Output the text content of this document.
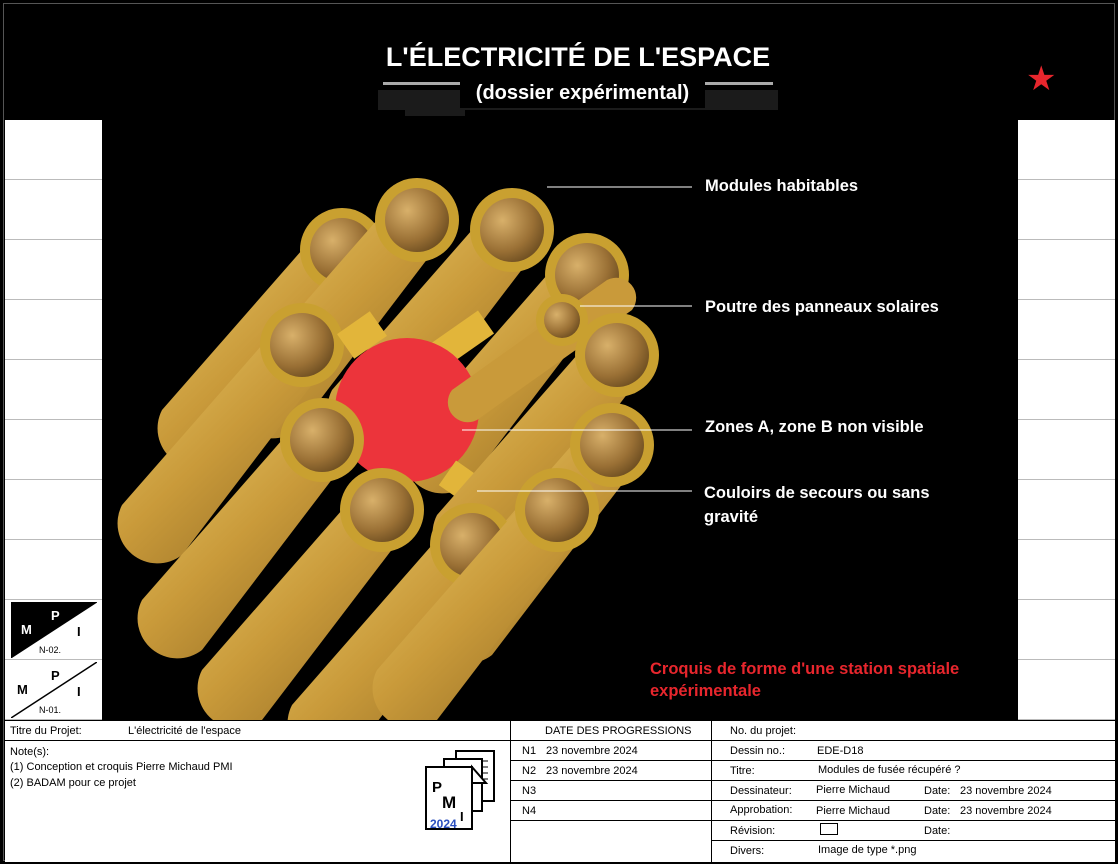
L'ÉLECTRICITÉ DE L'ESPACE
(dossier expérimental)	★
Modules habitables
Poutre des panneaux solaires
Zones A, zone B non visible
Couloirs de secours ou sans gravité
Croquis de forme d'une station spatiale expérimentale
M
P
I
N-02.
M
P
I
N-01.
Titre du Projet:	L'électricité de l'espace
Note(s):
(1) Conception et croquis Pierre Michaud PMI
(2) BADAM pour ce projet	P
M
I
2024
DATE DES PROGRESSIONS
N1 23 novembre 2024
N2 23 novembre 2024
N3
N4
No. du projet:
Dessin no.:	EDE-D18
Titre:	Modules de fusée récupéré ?
Dessinateur: Pierre Michaud	Date: 23 novembre 2024
Approbation: Pierre Michaud	Date: 23 novembre 2024
Révision:	Date:
Divers:	Image de type *.png
